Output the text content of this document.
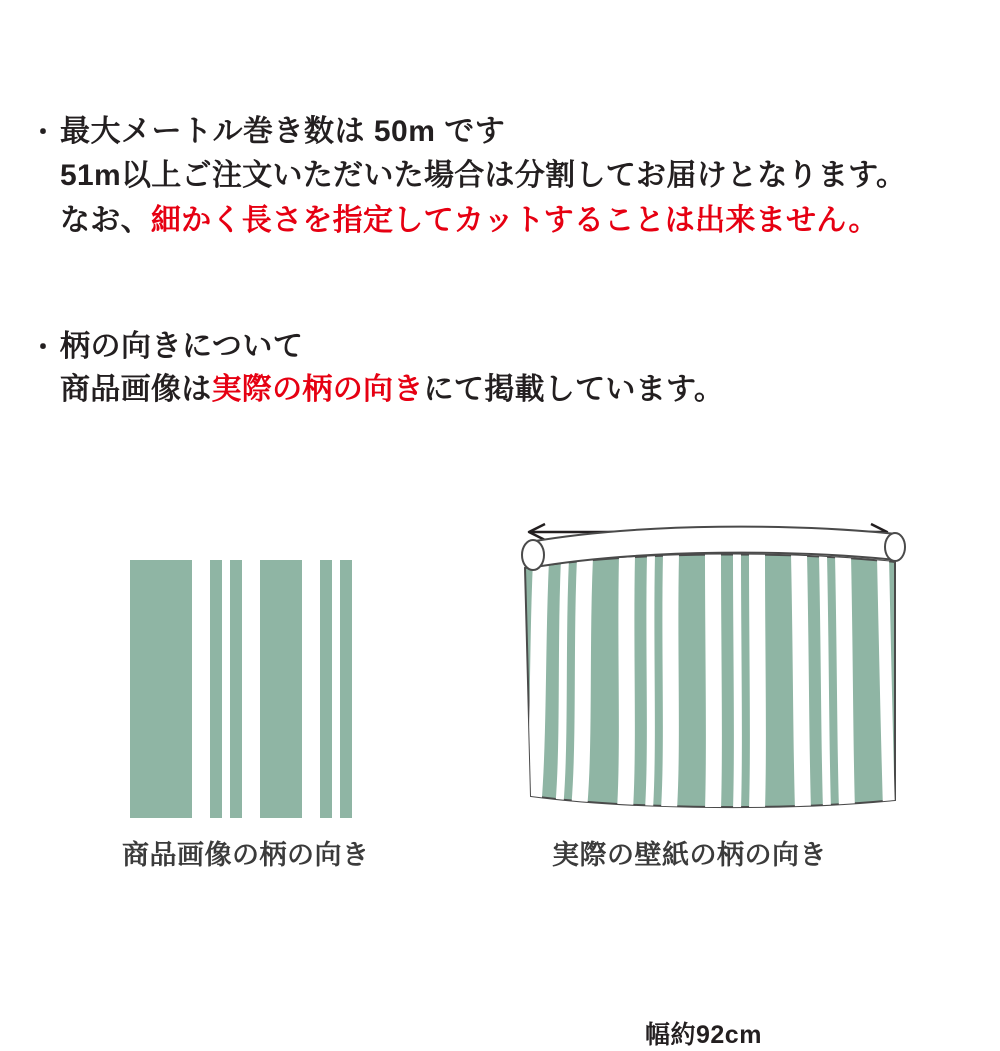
・ 最大メートル巻き数は 50m です
51m以上ご注文いただいた場合は分割してお届けとなります。
なお、細かく長さを指定してカットすることは出来ません。
・ 柄の向きについて
商品画像は実際の柄の向きにて掲載しています。
商品画像の柄の向き
幅約92cm
実際の壁紙の柄の向き
